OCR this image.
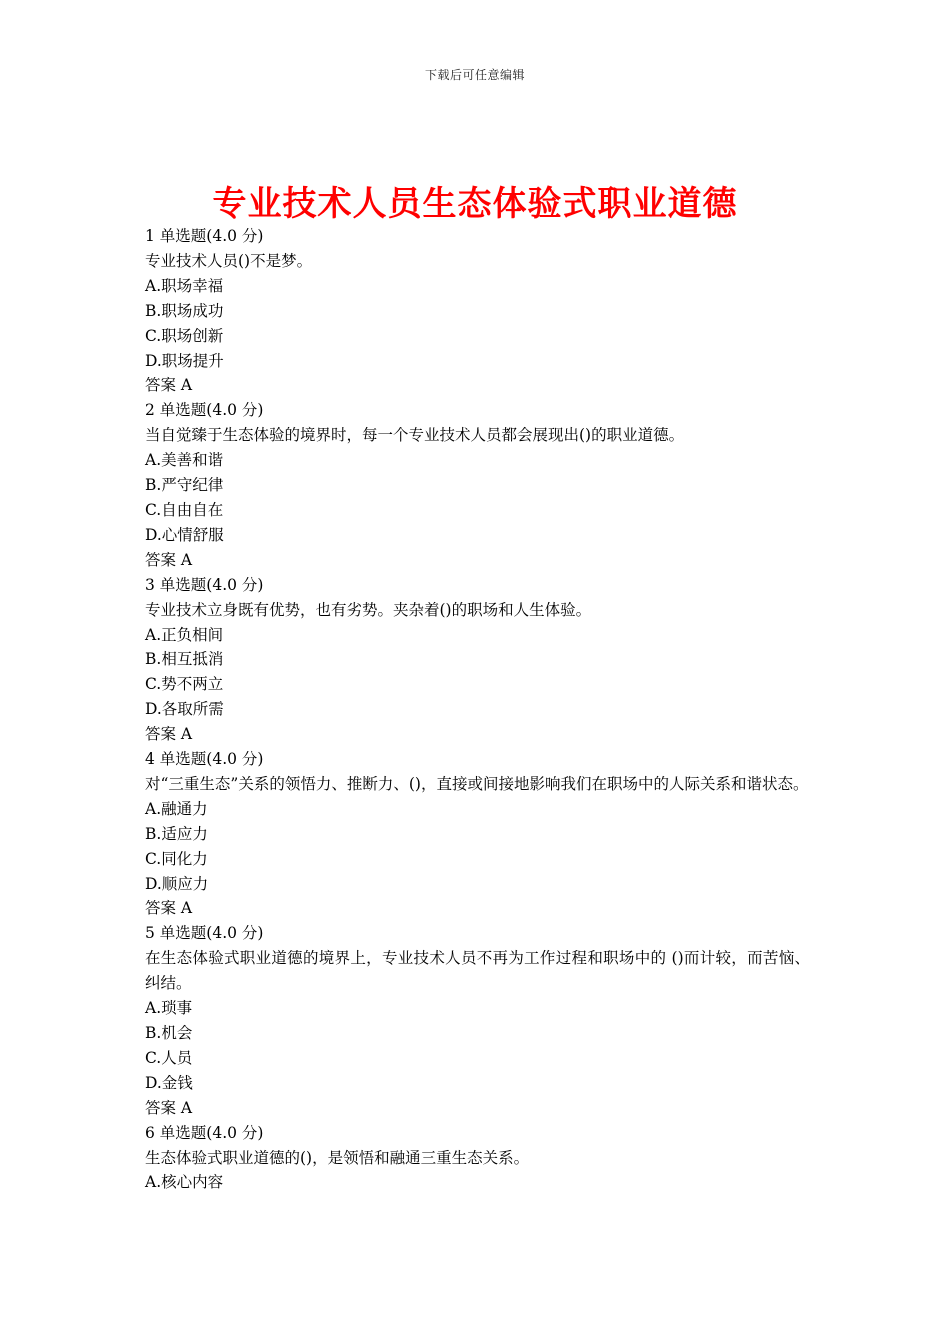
下载后可任意编辑
专业技术人员生态体验式职业道德
1 单选题(4.0 分)
专业技术人员()不是梦。
A.职场幸福
B.职场成功
C.职场创新
D.职场提升
答案 A
2 单选题(4.0 分)
当自觉臻于生态体验的境界时，每一个专业技术人员都会展现出()的职业道德。
A.美善和谐
B.严守纪律
C.自由自在
D.心情舒服
答案 A
3 单选题(4.0 分)
专业技术立身既有优势，也有劣势。夹杂着()的职场和人生体验。
A.正负相间
B.相互抵消
C.势不两立
D.各取所需
答案 A
4 单选题(4.0 分)
对“三重生态”关系的领悟力、推断力、()，直接或间接地影响我们在职场中的人际关系和谐状态。
A.融通力
B.适应力
C.同化力
D.顺应力
答案 A
5 单选题(4.0 分)
在生态体验式职业道德的境界上，专业技术人员不再为工作过程和职场中的 ()而计较，而苦恼、纠结。
A.琐事
B.机会
C.人员
D.金钱
答案 A
6 单选题(4.0 分)
生态体验式职业道德的()，是领悟和融通三重生态关系。
A.核心内容
